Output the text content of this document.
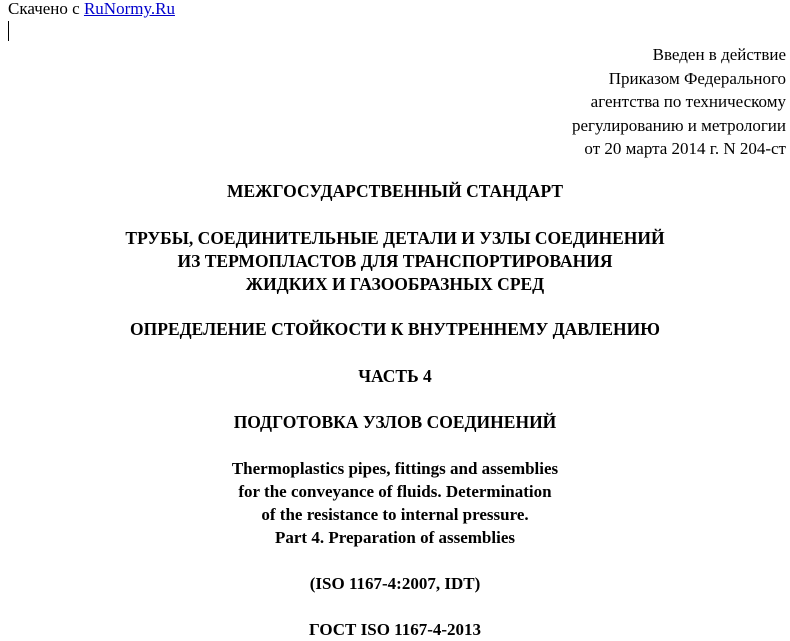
Скачено с RuNormy.Ru
Введен в действие
Приказом Федерального
агентства по техническому
регулированию и метрологии
от 20 марта 2014 г. N 204-ст
МЕЖГОСУДАРСТВЕННЫЙ СТАНДАРТ
ТРУБЫ, СОЕДИНИТЕЛЬНЫЕ ДЕТАЛИ И УЗЛЫ СОЕДИНЕНИЙ
ИЗ ТЕРМОПЛАСТОВ ДЛЯ ТРАНСПОРТИРОВАНИЯ
ЖИДКИХ И ГАЗООБРАЗНЫХ СРЕД
ОПРЕДЕЛЕНИЕ СТОЙКОСТИ К ВНУТРЕННЕМУ ДАВЛЕНИЮ
ЧАСТЬ 4
ПОДГОТОВКА УЗЛОВ СОЕДИНЕНИЙ
Thermoplastics pipes, fittings and assemblies
for the conveyance of fluids. Determination
of the resistance to internal pressure.
Part 4. Preparation of assemblies
(ISO 1167-4:2007, IDT)
ГОСТ ISO 1167-4-2013
